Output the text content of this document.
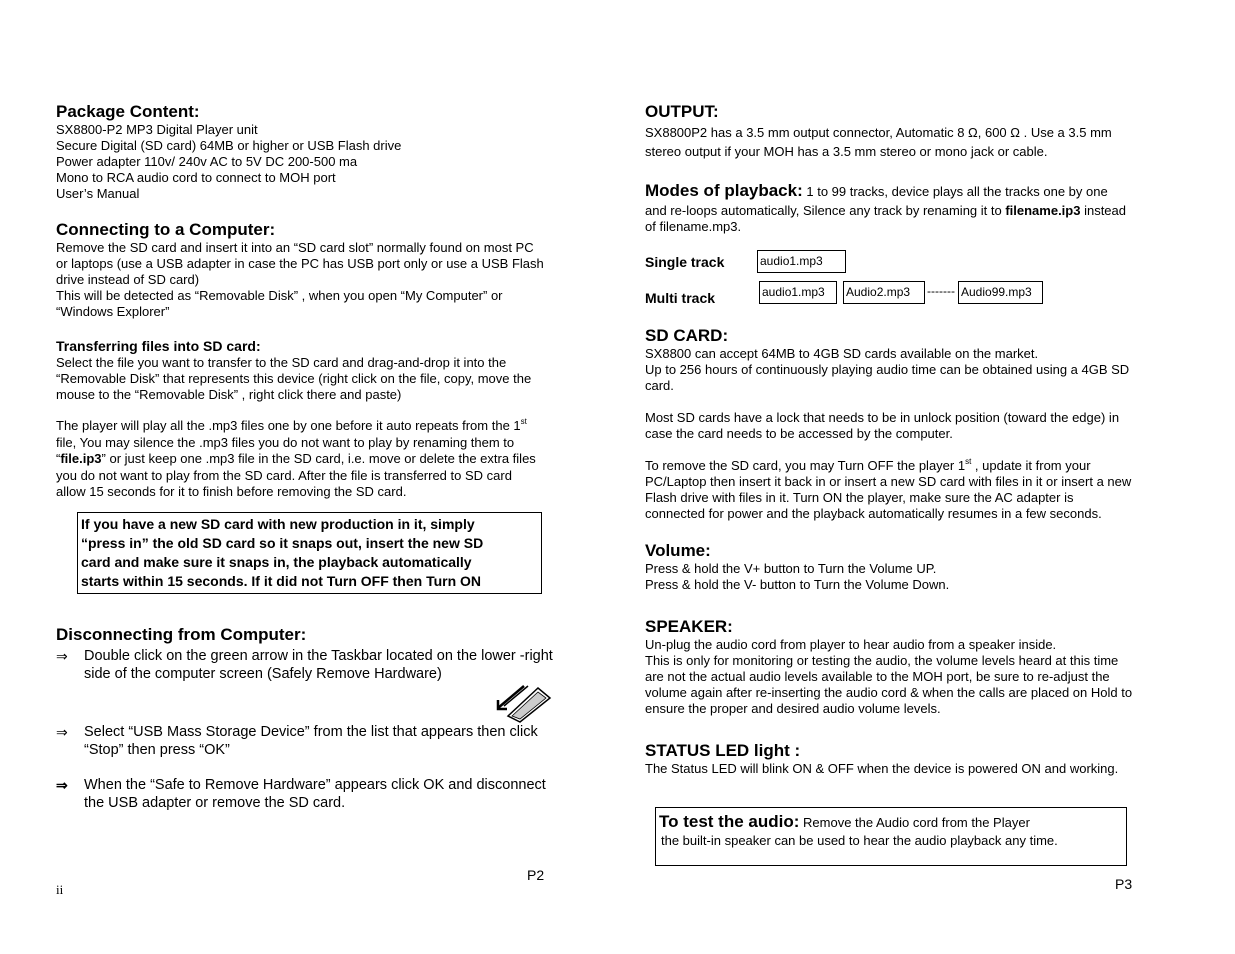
Package Content:
SX8800-P2 MP3 Digital Player unit
Secure Digital (SD card) 64MB or higher or USB Flash drive
Power adapter 110v/ 240v AC to 5V DC 200-500 ma
Mono to RCA audio cord to connect to MOH port
User’s Manual
Connecting to a Computer:
Remove the SD card and insert it into an “SD card slot” normally found on most PC
or laptops (use a USB adapter in case the PC has USB port only or use a USB Flash
drive instead of SD card)
This will be detected as “Removable Disk” , when you open “My Computer” or
“Windows Explorer”
Transferring files into SD card:
Select the file you want to transfer to the SD card and drag-and-drop it into the
“Removable Disk” that represents this device (right click on the file, copy, move the
mouse to the “Removable Disk” , right click there and paste)
The player will play all the .mp3 files one by one before it auto repeats from the 1st
file, You may silence the .mp3 files you do not want to play by renaming them to
“file.ip3” or just keep one .mp3 file in the SD card, i.e. move or delete the extra files
you do not want to play from the SD card. After the file is transferred to SD card
allow 15 seconds for it to finish before removing the SD card.
If you have a new SD card with new production in it, simply
“press in” the old SD card so it snaps out, insert the new SD
card and make sure it snaps in, the playback automatically
starts within 15 seconds. If it did not Turn OFF then Turn ON
Disconnecting from Computer:
⇒ Double click on the green arrow in the Taskbar located on the lower -right
side of the computer screen (Safely Remove Hardware)
⇒ Select “USB Mass Storage Device” from the list that appears then click
“Stop” then press “OK”
⇒ When the “Safe to Remove Hardware” appears click OK and disconnect
the USB adapter or remove the SD card.
P2
ii
OUTPUT:
SX8800P2 has a 3.5 mm output connector, Automatic 8 Ω, 600 Ω . Use a 3.5 mm
stereo output if your MOH has a 3.5 mm stereo or mono jack or cable.
Modes of playback: 1 to 99 tracks, device plays all the tracks one by one
and re-loops automatically, Silence any track by renaming it to filename.ip3 instead
of filename.mp3.
Single track	audio1.mp3
Multi track	audio1.mp3	Audio2.mp3	------- Audio99.mp3
SD CARD:
SX8800 can accept 64MB to 4GB SD cards available on the market.
Up to 256 hours of continuously playing audio time can be obtained using a 4GB SD
card.
Most SD cards have a lock that needs to be in unlock position (toward the edge) in
case the card needs to be accessed by the computer.
To remove the SD card, you may Turn OFF the player 1st , update it from your
PC/Laptop then insert it back in or insert a new SD card with files in it or insert a new
Flash drive with files in it. Turn ON the player, make sure the AC adapter is
connected for power and the playback automatically resumes in a few seconds.
Volume:
Press & hold the V+ button to Turn the Volume UP.
Press & hold the V- button to Turn the Volume Down.
SPEAKER:
Un-plug the audio cord from player to hear audio from a speaker inside.
This is only for monitoring or testing the audio, the volume levels heard at this time
are not the actual audio levels available to the MOH port, be sure to re-adjust the
volume again after re-inserting the audio cord & when the calls are placed on Hold to
ensure the proper and desired audio volume levels.
STATUS LED light :
The Status LED will blink ON & OFF when the device is powered ON and working.
To test the audio: Remove the Audio cord from the Player
the built-in speaker can be used to hear the audio playback any time.
P3
